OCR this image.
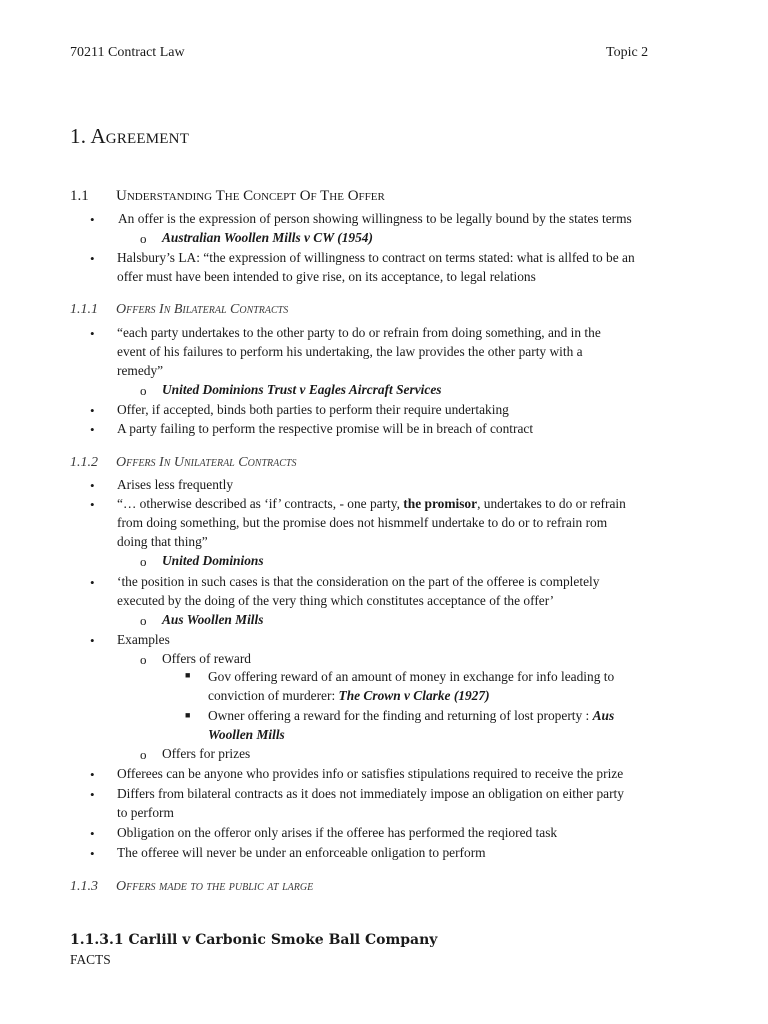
70211 Contract Law	Topic 2
1. Agreement
1.1 Understanding The Concept Of The Offer
• An offer is the expression of person showing willingness to be legally bound by the states terms
o Australian Woollen Mills v CW (1954)
• Halsbury’s LA: “the expression of willingness to contract on terms stated: what is allfed to be an
offer must have been intended to give rise, on its acceptance, to legal relations
1.1.1 Offers In Bilateral Contracts
• “each party undertakes to the other party to do or refrain from doing something, and in the
event of his failures to perform his undertaking, the law provides the other party with a
remedy”
o United Dominions Trust v Eagles Aircraft Services
• Offer, if accepted, binds both parties to perform their require undertaking
• A party failing to perform the respective promise will be in breach of contract
1.1.2 Offers In Unilateral Contracts
• Arises less frequently
• “… otherwise described as ‘if’ contracts, - one party, the promisor, undertakes to do or refrain
from doing something, but the promise does not hismmelf undertake to do or to refrain rom
doing that thing”
o United Dominions
• ‘the position in such cases is that the consideration on the part of the offeree is completely
executed by the doing of the very thing which constitutes acceptance of the offer’
o Aus Woollen Mills
• Examples
o Offers of reward
■ Gov offering reward of an amount of money in exchange for info leading to
conviction of murderer: The Crown v Clarke (1927)
■ Owner offering a reward for the finding and returning of lost property : Aus
Woollen Mills
o Offers for prizes
• Offerees can be anyone who provides info or satisfies stipulations required to receive the prize
• Differs from bilateral contracts as it does not immediately impose an obligation on either party
to perform
• Obligation on the offeror only arises if the offeree has performed the reqiored task
• The offeree will never be under an enforceable onligation to perform
1.1.3 Offers made to the public at large
1.1.3.1 Carlill v Carbonic Smoke Ball Company
FACTS
